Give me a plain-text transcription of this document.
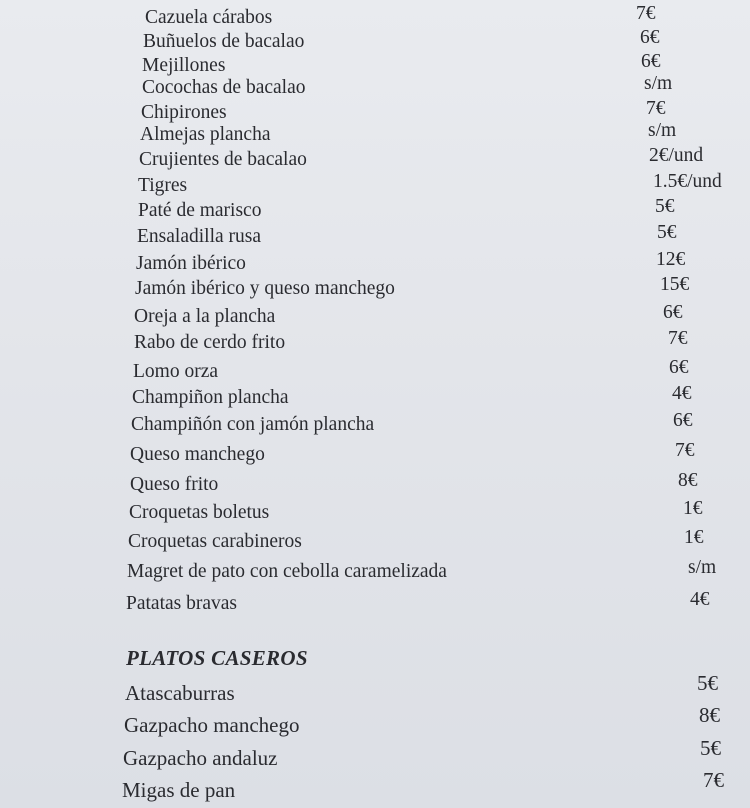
Cazuela cárabos	7€
Buñuelos de bacalao	6€
Mejillones	6€
Cocochas de bacalao	s/m
Chipirones	7€
Almejas plancha	s/m
Crujientes de bacalao	2€/und
Tigres	1.5€/und
Paté de marisco	5€
Ensaladilla rusa	5€
Jamón ibérico	12€
Jamón ibérico y queso manchego	15€
Oreja a la plancha	6€
Rabo de cerdo frito	7€
Lomo orza	6€
Champiñon plancha	4€
Champiñón con jamón plancha	6€
Queso manchego	7€
Queso frito	8€
Croquetas boletus	1€
Croquetas carabineros	1€
Magret de pato con cebolla caramelizada	s/m
Patatas bravas	4€
PLATOS CASEROS
Atascaburras	5€
Gazpacho manchego	8€
Gazpacho andaluz	5€
Migas de pan	7€
